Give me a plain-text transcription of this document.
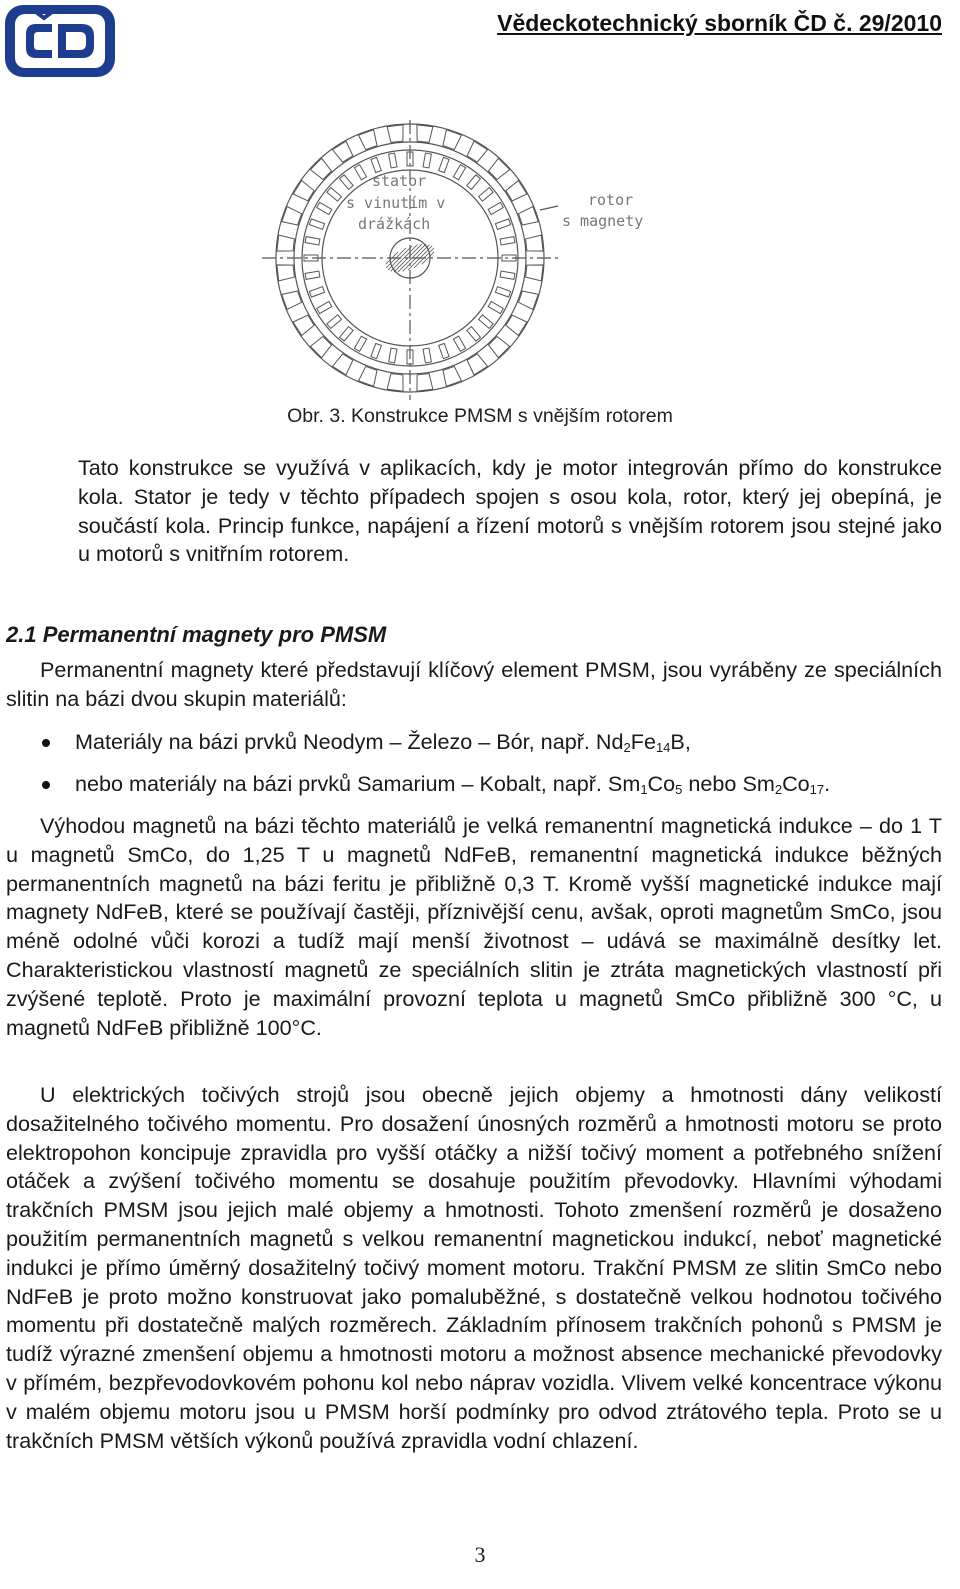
Vědeckotechnický sborník ČD č. 29/2010
stator
s vinutím v
drážkách
rotor
s magnety
Obr. 3. Konstrukce PMSM s vnějším rotorem

Tato konstrukce se využívá v aplikacích, kdy je motor integrován přímo do konstrukce kola. Stator je tedy v těchto případech spojen s osou kola, rotor, který jej obepíná, je součástí kola. Princip funkce, napájení a řízení motorů s vnějším rotorem jsou stejné jako u motorů s vnitřním rotorem.

2.1 Permanentní magnety pro PMSM

Permanentní magnety které představují klíčový element PMSM, jsou vyráběny ze speciálních slitin na bázi dvou skupin materiálů:

Materiály na bázi prvků Neodym – Železo – Bór, např. $Nd_2Fe_{14}B$,
nebo materiály na bázi prvků Samarium – Kobalt, např. $Sm_1Co_5$ nebo $Sm_2Co_{17}$.

Výhodou magnetů na bázi těchto materiálů je velká remanentní magnetická indukce – do 1 T u magnetů SmCo, do 1,25 T u magnetů NdFeB, remanentní magnetická indukce běžných permanentních magnetů na bázi feritu je přibližně 0,3 T. Kromě vyšší magnetické indukce mají magnety NdFeB, které se používají častěji, příznivější cenu, avšak, oproti magnetům SmCo, jsou méně odolné vůči korozi a tudíž mají menší životnost – udává se maximálně desítky let. Charakteristickou vlastností magnetů ze speciálních slitin je ztráta magnetických vlastností při zvýšené teplotě. Proto je maximální provozní teplota u magnetů SmCo přibližně 300 °C, u magnetů NdFeB přibližně 100°C.

U elektrických točivých strojů jsou obecně jejich objemy a hmotnosti dány velikostí dosažitelného točivého momentu. Pro dosažení únosných rozměrů a hmotnosti motoru se proto elektropohon koncipuje zpravidla pro vyšší otáčky a nižší točivý moment a potřebného snížení otáček a zvýšení točivého momentu se dosahuje použitím převodovky. Hlavními výhodami trakčních PMSM jsou jejich malé objemy a hmotnosti. Tohoto zmenšení rozměrů je dosaženo použitím permanentních magnetů s velkou remanentní magnetickou indukcí, neboť magnetické indukci je přímo úměrný dosažitelný točivý moment motoru. Trakční PMSM ze slitin SmCo nebo NdFeB je proto možno konstruovat jako pomaluběžné, s dostatečně velkou hodnotou točivého momentu při dostatečně malých rozměrech. Základním přínosem trakčních pohonů s PMSM je tudíž výrazné zmenšení objemu a hmotnosti motoru a možnost absence mechanické převodovky v přímém, bezpřevodovkovém pohonu kol nebo náprav vozidla. Vlivem velké koncentrace výkonu v malém objemu motoru jsou u PMSM horší podmínky pro odvod ztrátového tepla. Proto se u trakčních PMSM větších výkonů používá zpravidla vodní chlazení.

3
